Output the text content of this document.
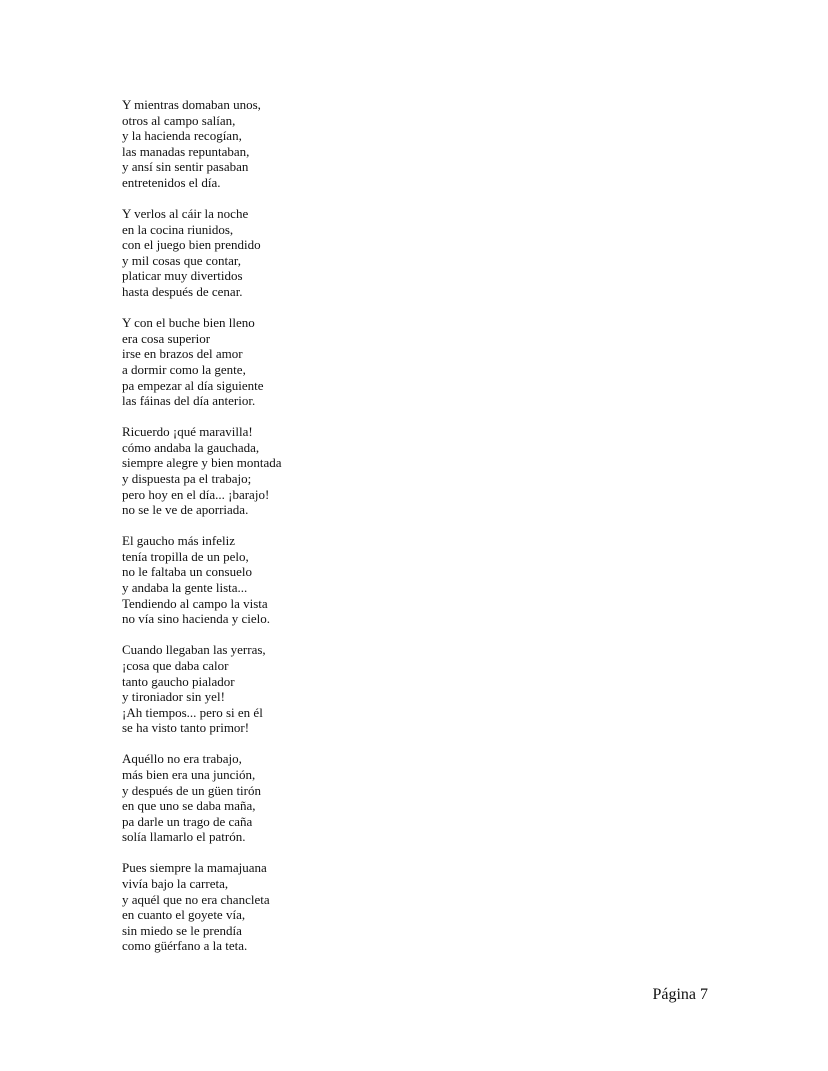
Y mientras domaban unos,
otros al campo salían,
y la hacienda recogían,
las manadas repuntaban,
y ansí sin sentir pasaban
entretenidos el día.
Y verlos al cáir la noche
en la cocina riunidos,
con el juego bien prendido
y mil cosas que contar,
platicar muy divertidos
hasta después de cenar.
Y con el buche bien lleno
era cosa superior
irse en brazos del amor
a dormir como la gente,
pa empezar al día siguiente
las fáinas del día anterior.
Ricuerdo ¡qué maravilla!
cómo andaba la gauchada,
siempre alegre y bien montada
y dispuesta pa el trabajo;
pero hoy en el día... ¡barajo!
no se le ve de aporriada.
El gaucho más infeliz
tenía tropilla de un pelo,
no le faltaba un consuelo
y andaba la gente lista...
Tendiendo al campo la vista
no vía sino hacienda y cielo.
Cuando llegaban las yerras,
¡cosa que daba calor
tanto gaucho pialador
y tironiador sin yel!
¡Ah tiempos... pero si en él
se ha visto tanto primor!
Aquéllo no era trabajo,
más bien era una junción,
y después de un güen tirón
en que uno se daba maña,
pa darle un trago de caña
solía llamarlo el patrón.
Pues siempre la mamajuana
vivía bajo la carreta,
y aquél que no era chancleta
en cuanto el goyete vía,
sin miedo se le prendía
como güérfano a la teta.
Página 7
